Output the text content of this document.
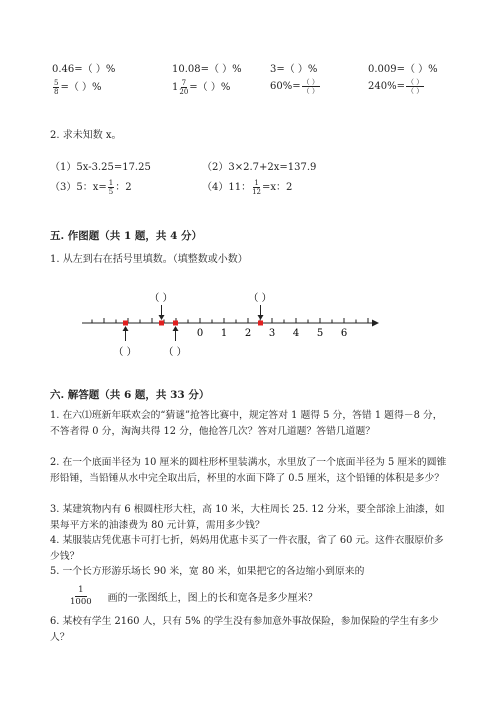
0.46=（ ）%	10.08=（ ）%	3=（ ）%	0.009=（ ）%
$\frac{5}{8}$ =（ ）%	$1 \frac{7}{20}$ =（ ）%	$60\%= \frac{( )}{( )}$	$240\%= \frac{( )}{( )}$
2. 求未知数 x。
（1）5x-3.25=17.25	（2）3×2.7+2x=137.9
（3）5：$x= \frac{1}{5}$ ：2	（4）11： $\frac{1}{12} =x$：2
五. 作图题（共 1 题，共 4 分）
1. 从左到右在括号里填数。（填整数或小数）
0 1 2 3 4 5 6
（ ）	（ ）
（ ）	（ ）
六. 解答题（共 6 题，共 33 分）
1. 在六⑴班新年联欢会的“猜谜”抢答比赛中，规定答对 1 题得 5 分，答错 1 题得－8 分，不答者得 0 分，淘淘共得 12 分，他抢答几次？答对几道题？答错几道题？
2. 在一个底面半径为 10 厘米的圆柱形杯里装满水，水里放了一个底面半径为 5 厘米的圆锥形铅锤，当铅锤从水中完全取出后，杯里的水面下降了 0.5 厘米，这个铅锤的体积是多少？
3. 某建筑物内有 6 根圆柱形大柱，高 10 米，大柱周长 25. 12 分米，要全部涂上油漆，如果每平方米的油漆费为 80 元计算，需用多少钱？
4. 某服装店凭优惠卡可打七折，妈妈用优惠卡买了一件衣服，省了 60 元。这件衣服原价多少钱？
5. 一个长方形游乐场长 90 米，宽 80 米，如果把它的各边缩小到原来的
1
1000 画的一张图纸上，图上的长和宽各是多少厘米？
6. 某校有学生 2160 人，只有 5% 的学生没有参加意外事故保险，参加保险的学生有多少人？
